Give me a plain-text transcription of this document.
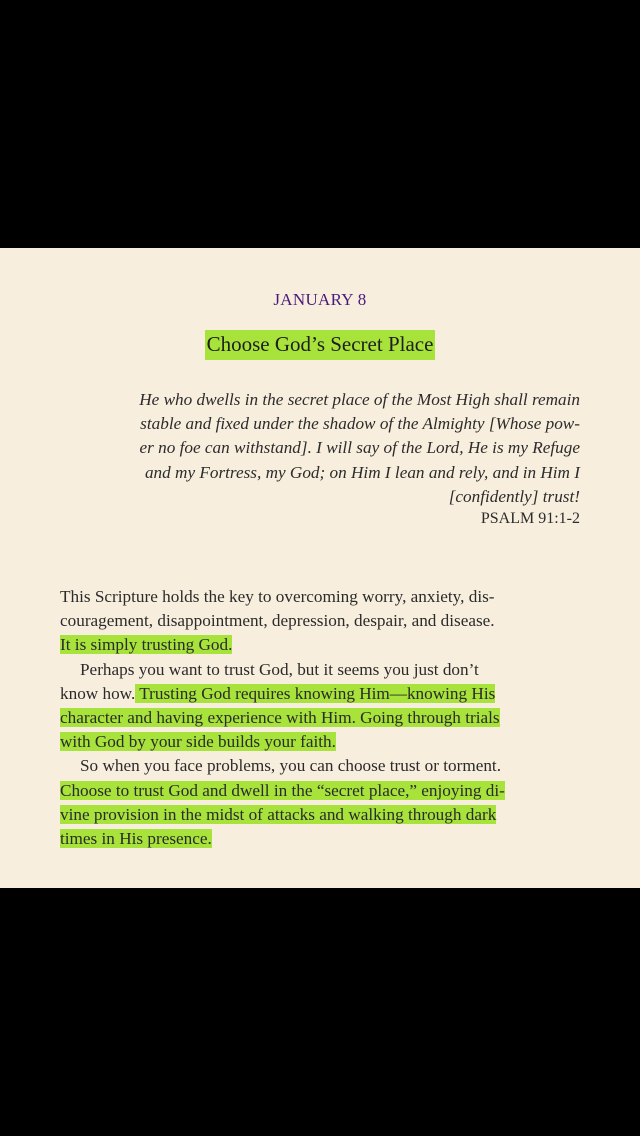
JANUARY 8
Choose God’s Secret Place
He who dwells in the secret place of the Most High shall remain
stable and fixed under the shadow of the Almighty [Whose pow-
er no foe can withstand]. I will say of the Lord, He is my Refuge
and my Fortress, my God; on Him I lean and rely, and in Him I
[confidently] trust!
PSALM 91:1-2
This Scripture holds the key to overcoming worry, anxiety, dis-
couragement, disappointment, depression, despair, and disease.
It is simply trusting God.
Perhaps you want to trust God, but it seems you just don’t
know how. Trusting God requires knowing Him—knowing His
character and having experience with Him. Going through trials
with God by your side builds your faith.
So when you face problems, you can choose trust or torment.
Choose to trust God and dwell in the “secret place,” enjoying di-
vine provision in the midst of attacks and walking through dark
times in His presence.
